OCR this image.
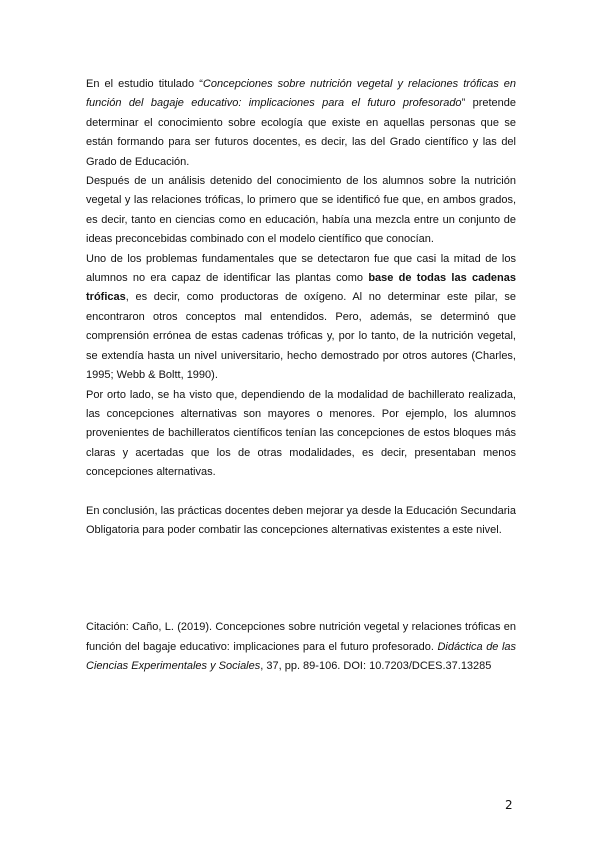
En el estudio titulado “Concepciones sobre nutrición vegetal y relaciones tróficas en función del bagaje educativo: implicaciones para el futuro profesorado” pretende determinar el conocimiento sobre ecología que existe en aquellas personas que se están formando para ser futuros docentes, es decir, las del Grado científico y las del Grado de Educación.

Después de un análisis detenido del conocimiento de los alumnos sobre la nutrición vegetal y las relaciones tróficas, lo primero que se identificó fue que, en ambos grados, es decir, tanto en ciencias como en educación, había una mezcla entre un conjunto de ideas preconcebidas combinado con el modelo científico que conocían.

Uno de los problemas fundamentales que se detectaron fue que casi la mitad de los alumnos no era capaz de identificar las plantas como base de todas las cadenas tróficas, es decir, como productoras de oxígeno. Al no determinar este pilar, se encontraron otros conceptos mal entendidos. Pero, además, se determinó que comprensión errónea de estas cadenas tróficas y, por lo tanto, de la nutrición vegetal, se extendía hasta un nivel universitario, hecho demostrado por otros autores (Charles, 1995; Webb & Boltt, 1990).

Por orto lado, se ha visto que, dependiendo de la modalidad de bachillerato realizada, las concepciones alternativas son mayores o menores. Por ejemplo, los alumnos provenientes de bachilleratos científicos tenían las concepciones de estos bloques más claras y acertadas que los de otras modalidades, es decir, presentaban menos concepciones alternativas.

En conclusión, las prácticas docentes deben mejorar ya desde la Educación Secundaria Obligatoria para poder combatir las concepciones alternativas existentes a este nivel.

Citación: Caño, L. (2019). Concepciones sobre nutrición vegetal y relaciones tróficas en función del bagaje educativo: implicaciones para el futuro profesorado. Didáctica de las Ciencias Experimentales y Sociales, 37, pp. 89-106. DOI: 10.7203/DCES.37.13285

2
